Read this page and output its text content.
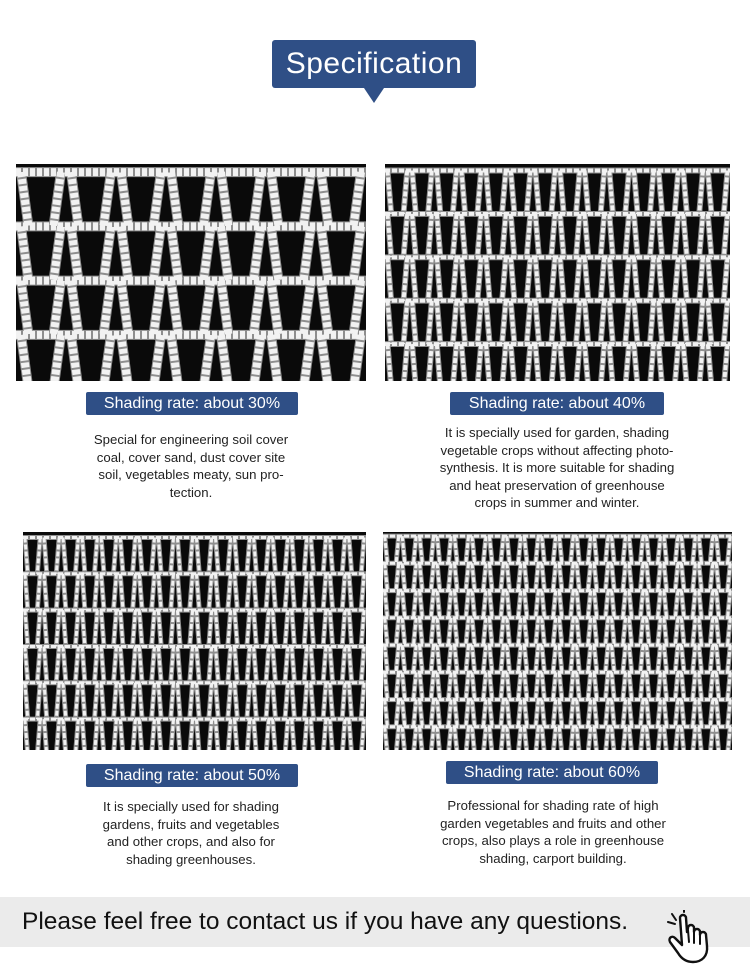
Specification
Shading rate: about 30%
Special for engineering soil cover
coal, cover sand, dust cover site
soil, vegetables meaty, sun pro-
tection.
Shading rate: about 40%
It is specially used for garden, shading
vegetable crops without affecting photo-
synthesis. It is more suitable for shading
and heat preservation of greenhouse
crops in summer and winter.
Shading rate: about 50%
It is specially used for shading
gardens, fruits and vegetables
and other crops, and also for
shading greenhouses.
Shading rate: about 60%
Professional for shading rate of high
garden vegetables and fruits and other
crops, also plays a role in greenhouse
shading, carport building.
Please feel free to contact us if you have any questions.
